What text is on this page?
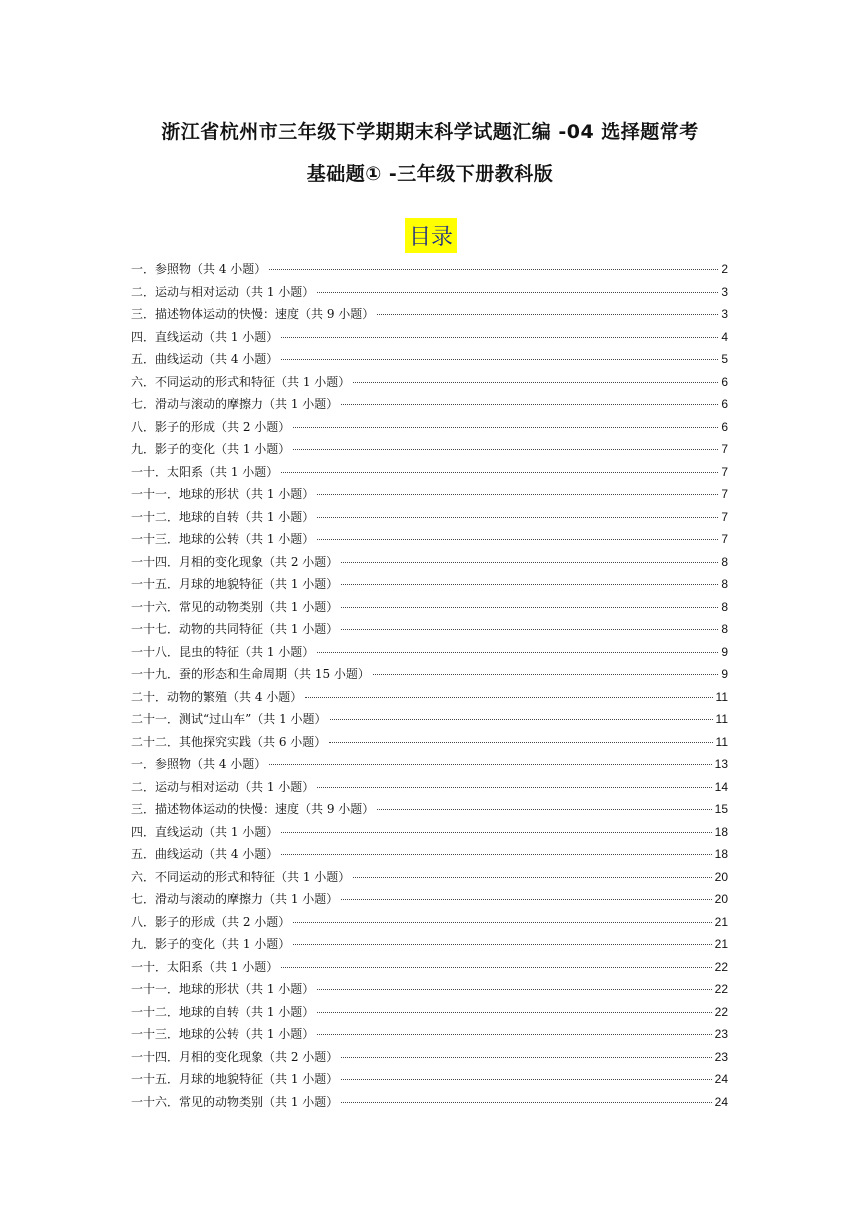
浙江省杭州市三年级下学期期末科学试题汇编 -04 选择题常考
基础题① -三年级下册教科版
目录
一．参照物（共 4 小题）	2
二．运动与相对运动（共 1 小题）	3
三．描述物体运动的快慢：速度（共 9 小题）	3
四．直线运动（共 1 小题）	4
五．曲线运动（共 4 小题）	5
六．不同运动的形式和特征（共 1 小题）	6
七．滑动与滚动的摩擦力（共 1 小题）	6
八．影子的形成（共 2 小题）	6
九．影子的变化（共 1 小题）	7
一十．太阳系（共 1 小题）	7
一十一．地球的形状（共 1 小题）	7
一十二．地球的自转（共 1 小题）	7
一十三．地球的公转（共 1 小题）	7
一十四．月相的变化现象（共 2 小题）	8
一十五．月球的地貌特征（共 1 小题）	8
一十六．常见的动物类别（共 1 小题）	8
一十七．动物的共同特征（共 1 小题）	8
一十八．昆虫的特征（共 1 小题）	9
一十九．蚕的形态和生命周期（共 15 小题）	9
二十．动物的繁殖（共 4 小题）	11
二十一．测试“过山车”（共 1 小题）	11
二十二．其他探究实践（共 6 小题）	11
一．参照物（共 4 小题）	13
二．运动与相对运动（共 1 小题）	14
三．描述物体运动的快慢：速度（共 9 小题）	15
四．直线运动（共 1 小题）	18
五．曲线运动（共 4 小题）	18
六．不同运动的形式和特征（共 1 小题）	20
七．滑动与滚动的摩擦力（共 1 小题）	20
八．影子的形成（共 2 小题）	21
九．影子的变化（共 1 小题）	21
一十．太阳系（共 1 小题）	22
一十一．地球的形状（共 1 小题）	22
一十二．地球的自转（共 1 小题）	22
一十三．地球的公转（共 1 小题）	23
一十四．月相的变化现象（共 2 小题）	23
一十五．月球的地貌特征（共 1 小题）	24
一十六．常见的动物类别（共 1 小题）	24
